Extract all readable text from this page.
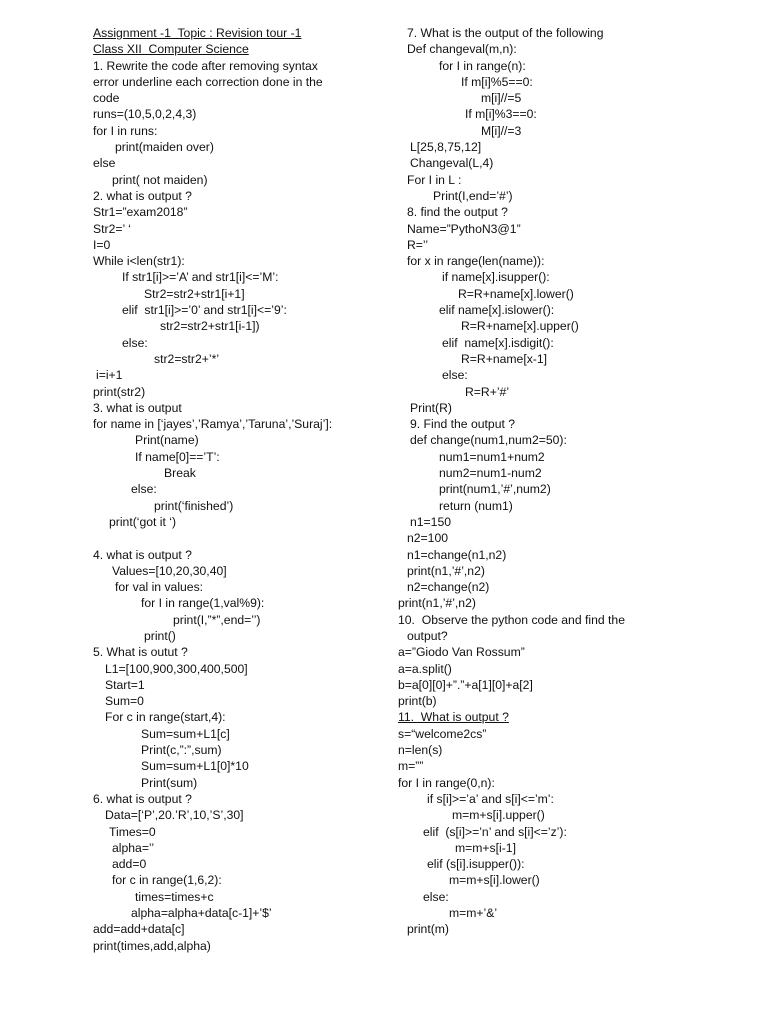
Assignment -1  Topic : Revision tour -1
Class XII  Computer Science
1. Rewrite the code after removing syntax
error underline each correction done in the
code
runs=(10,5,0,2,4,3)
for I in runs:
print(maiden over)
else
print( not maiden)
2. what is output ?
Str1=”exam2018”
Str2=’ ‘
I=0
While i<len(str1):
If str1[i]>=’A’ and str1[i]<=’M’:
Str2=str2+str1[i+1]
elif  str1[i]>=’0’ and str1[i]<=’9’:
str2=str2+str1[i-1])
else:
str2=str2+’*’
i=i+1
print(str2)
3. what is output
for name in [‘jayes’,’Ramya’,’Taruna’,’Suraj’]:
Print(name)
If name[0]==’T’:
Break
else:
print(‘finished’)
print(‘got it ‘)
4. what is output ?
Values=[10,20,30,40]
for val in values:
for I in range(1,val%9):
print(I,”*”,end=’’)
print()
5. What is outut ?
L1=[100,900,300,400,500]
Start=1
Sum=0
For c in range(start,4):
Sum=sum+L1[c]
Print(c,”:”,sum)
Sum=sum+L1[0]*10
Print(sum)
6. what is output ?
Data=[‘P’,20.’R’,10,’S’,30]
Times=0
alpha=’’
add=0
for c in range(1,6,2):
times=times+c
alpha=alpha+data[c-1]+’$’
add=add+data[c]
print(times,add,alpha)
7. What is the output of the following
Def changeval(m,n):
for I in range(n):
If m[i]%5==0:
m[i]//=5
If m[i]%3==0:
M[i]//=3
L[25,8,75,12]
Changeval(L,4)
For I in L :
Print(I,end=’#’)
8. find the output ?
Name=”PythoN3@1”
R=’’
for x in range(len(name)):
if name[x].isupper():
R=R+name[x].lower()
elif name[x].islower():
R=R+name[x].upper()
elif  name[x].isdigit():
R=R+name[x-1]
else:
R=R+’#’
Print(R)
9. Find the output ?
def change(num1,num2=50):
num1=num1+num2
num2=num1-num2
print(num1,’#’,num2)
return (num1)
n1=150
n2=100
n1=change(n1,n2)
print(n1,’#’,n2)
n2=change(n2)
print(n1,’#’,n2)
10.  Observe the python code and find the
output?
a=”Giodo Van Rossum”
a=a.split()
b=a[0][0]+”.”+a[1][0]+a[2]
print(b)
11.  What is output ?
s=“welcome2cs”
n=len(s)
m=””
for I in range(0,n):
if s[i]>=’a’ and s[i]<=’m’:
m=m+s[i].upper()
elif  (s[i]>=’n’ and s[i]<=’z’):
m=m+s[i-1]
elif (s[i].isupper()):
m=m+s[i].lower()
else:
m=m+’&’
print(m)
